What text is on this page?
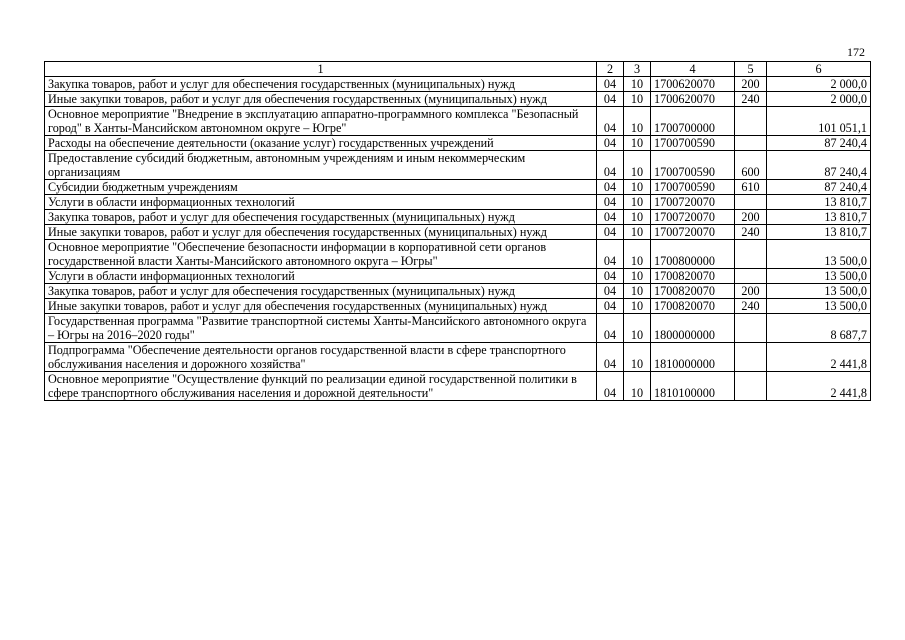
172
1	2	3	4	5	6
Закупка товаров, работ и услуг для обеспечения государственных (муниципальных) нужд	04	10	1700620070	200	2 000,0
Иные закупки товаров, работ и услуг для обеспечения государственных (муниципальных) нужд	04	10	1700620070	240	2 000,0
Основное мероприятие "Внедрение в эксплуатацию аппаратно-программного комплекса "Безопасный город" в Ханты-Мансийском автономном округе – Югре"	04	10	1700700000		101 051,1
Расходы на обеспечение деятельности (оказание услуг) государственных учреждений	04	10	1700700590		87 240,4
Предоставление субсидий бюджетным, автономным учреждениям и иным некоммерческим организациям	04	10	1700700590	600	87 240,4
Субсидии бюджетным учреждениям	04	10	1700700590	610	87 240,4
Услуги в области информационных технологий	04	10	1700720070		13 810,7
Закупка товаров, работ и услуг для обеспечения государственных (муниципальных) нужд	04	10	1700720070	200	13 810,7
Иные закупки товаров, работ и услуг для обеспечения государственных (муниципальных) нужд	04	10	1700720070	240	13 810,7
Основное мероприятие "Обеспечение безопасности информации в корпоративной сети органов государственной власти Ханты-Мансийского автономного округа – Югры"	04	10	1700800000		13 500,0
Услуги в области информационных технологий	04	10	1700820070		13 500,0
Закупка товаров, работ и услуг для обеспечения государственных (муниципальных) нужд	04	10	1700820070	200	13 500,0
Иные закупки товаров, работ и услуг для обеспечения государственных (муниципальных) нужд	04	10	1700820070	240	13 500,0
Государственная программа "Развитие транспортной системы Ханты-Мансийского автономного округа – Югры на 2016–2020 годы"	04	10	1800000000		8 687,7
Подпрограмма "Обеспечение деятельности органов государственной власти в сфере транспортного обслуживания населения и дорожного хозяйства"	04	10	1810000000		2 441,8
Основное мероприятие "Осуществление функций по реализации единой государственной политики в сфере транспортного обслуживания населения и дорожной деятельности"	04	10	1810100000		2 441,8
